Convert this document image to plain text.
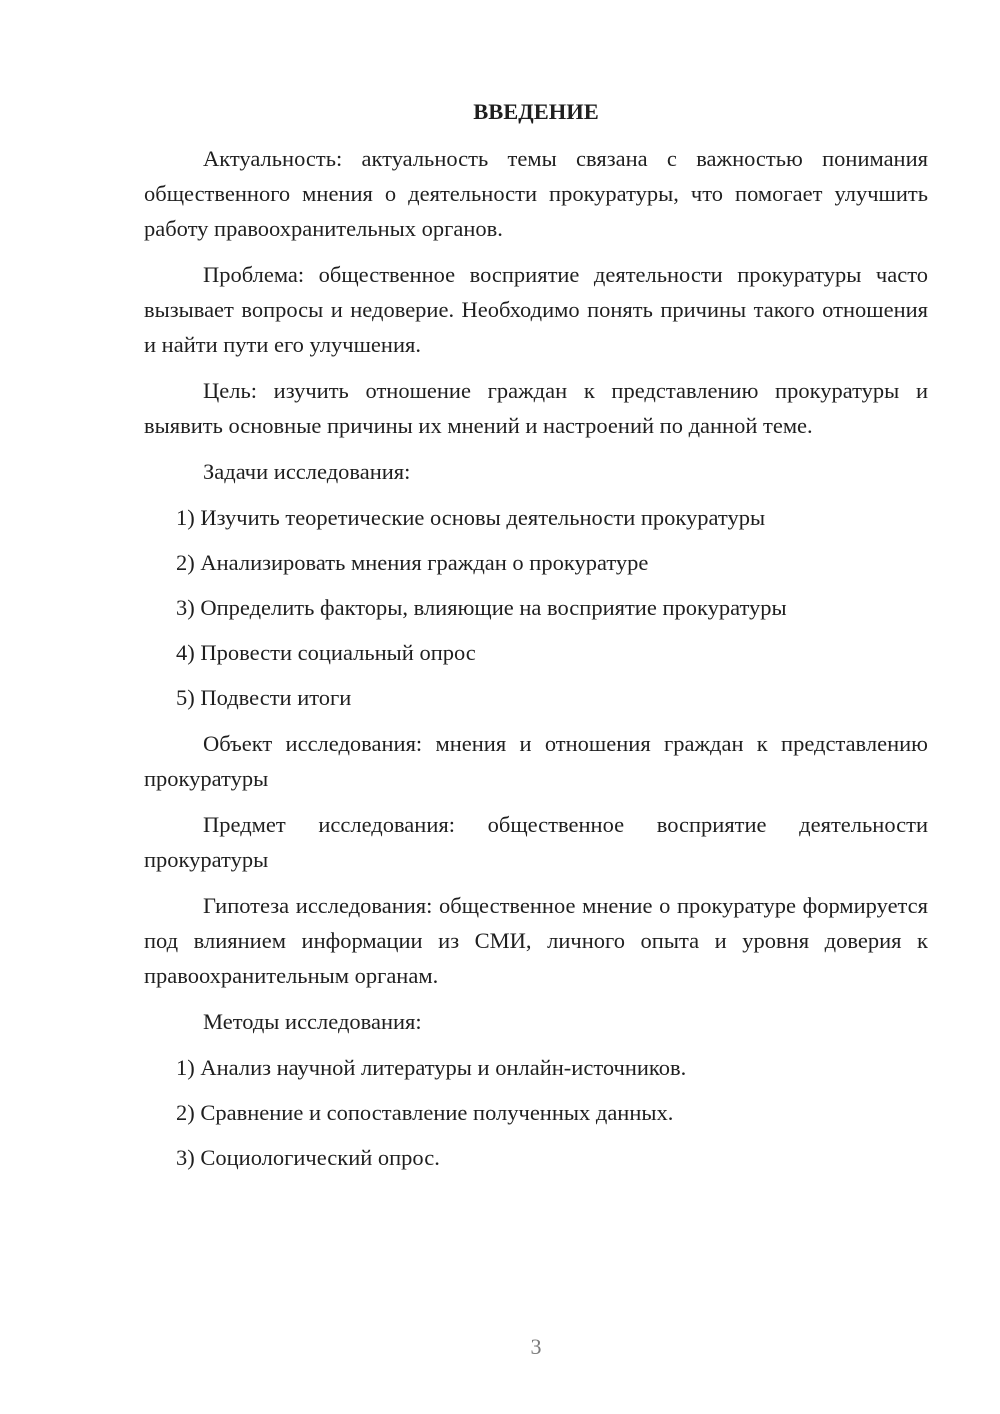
ВВЕДЕНИЕ

Актуальность: актуальность темы связана с важностью понимания общественного мнения о деятельности прокуратуры, что помогает улучшить работу правоохранительных органов.

Проблема: общественное восприятие деятельности прокуратуры часто вызывает вопросы и недоверие. Необходимо понять причины такого отношения и найти пути его улучшения.

Цель: изучить отношение граждан к представлению прокуратуры и выявить основные причины их мнений и настроений по данной теме.

Задачи исследования:

1) Изучить теоретические основы деятельности прокуратуры
2) Анализировать мнения граждан о прокуратуре
3) Определить факторы, влияющие на восприятие прокуратуры
4) Провести социальный опрос
5) Подвести итоги

Объект исследования: мнения и отношения граждан к представлению прокуратуры

Предмет исследования: общественное восприятие деятельности прокуратуры

Гипотеза исследования: общественное мнение о прокуратуре формируется под влиянием информации из СМИ, личного опыта и уровня доверия к правоохранительным органам.

Методы исследования:

1) Анализ научной литературы и онлайн-источников.
2) Сравнение и сопоставление полученных данных.
3) Социологический опрос.
3
